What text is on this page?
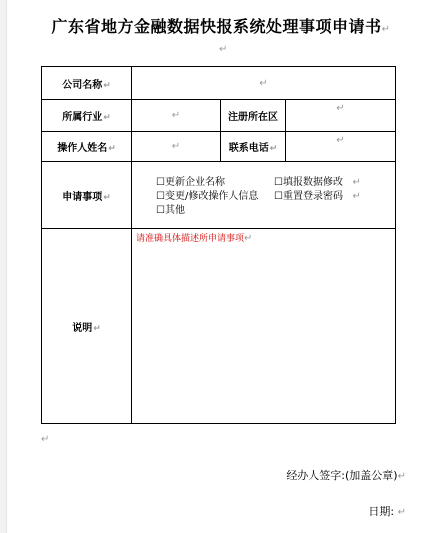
广东省地方金融数据快报系统处理事项申请书↵
↵
公司名称↵	↵		
所属行业↵	↵	注册所在区	↵
操作人姓名↵	↵	联系电话↵	↵
申请事项↵	☐更新企业名称 ☐填报数据修改 ↵
☐变更/修改操作人信息 ☐重置登录密码 ↵
☐其他		

说明↵	请准确具体描述所申请事项↵		
↵
经办人签字:(加盖公章)↵
日期: ↵
